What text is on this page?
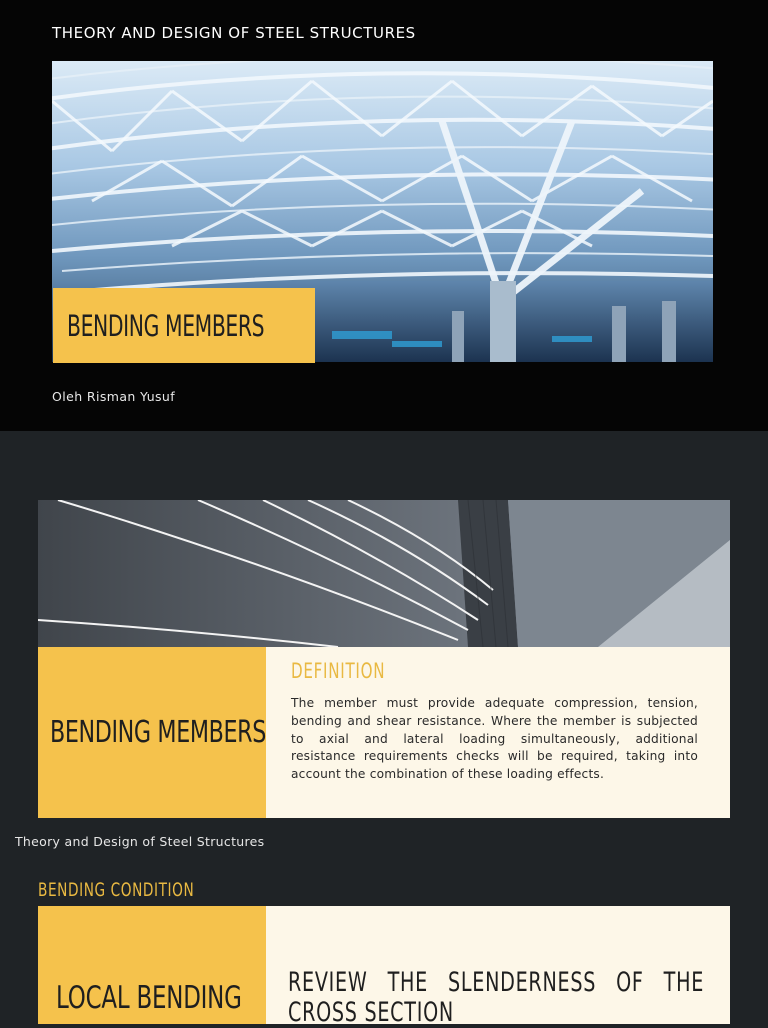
THEORY AND DESIGN OF STEEL STRUCTURES
BENDING MEMBERS
Oleh Risman Yusuf
BENDING MEMBERS
DEFINITION
The member must provide adequate compression, tension, bending and shear resistance. Where the member is subjected to axial and lateral loading simultaneously, additional resistance requirements checks will be required, taking into account the combination of these loading effects.
Theory and Design of Steel Structures
BENDING CONDITION
LOCAL BENDING REVIEW THE SLENDERNESS OF THE CROSS SECTION
